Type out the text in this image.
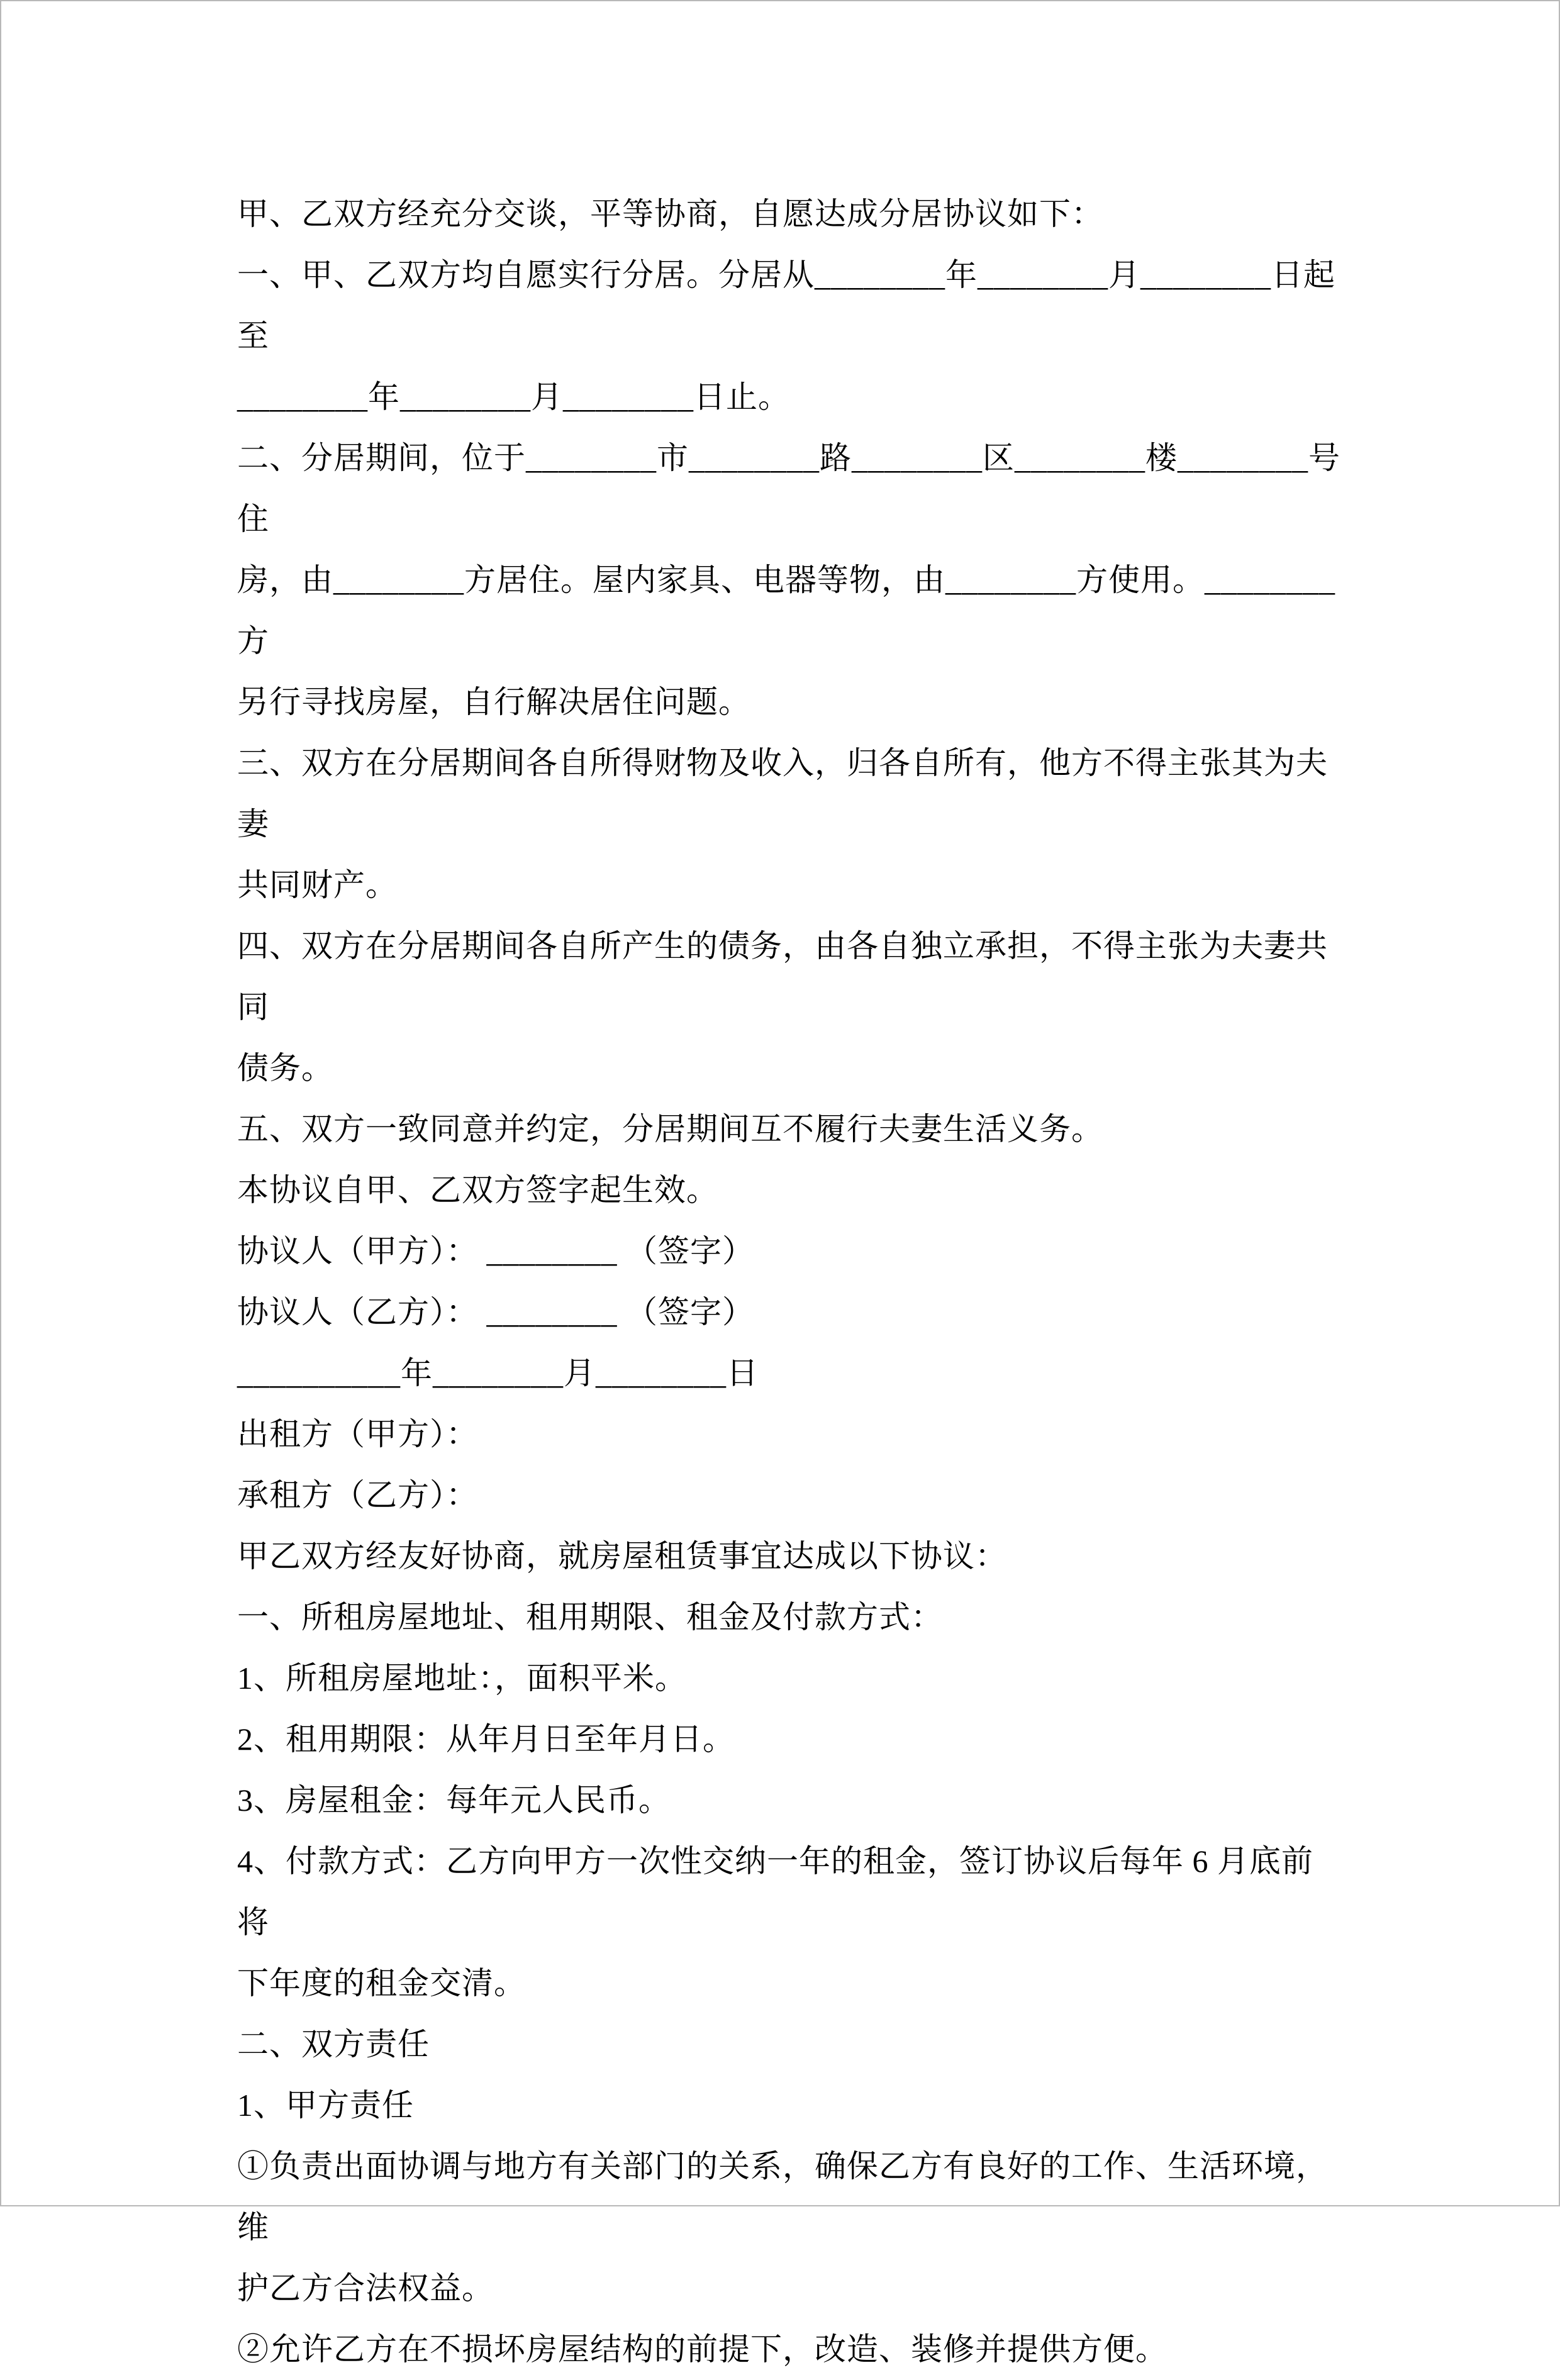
甲、乙双方经充分交谈，平等协商，自愿达成分居协议如下：

一、甲、乙双方均自愿实行分居。分居从________年________月________日起至

________年________月________日止。

二、分居期间，位于________市________路________区________楼________号住

房，由________方居住。屋内家具、电器等物，由________方使用。________方

另行寻找房屋，自行解决居住问题。

三、双方在分居期间各自所得财物及收入，归各自所有，他方不得主张其为夫妻

共同财产。

四、双方在分居期间各自所产生的债务，由各自独立承担，不得主张为夫妻共同

债务。

五、双方一致同意并约定，分居期间互不履行夫妻生活义务。

本协议自甲、乙双方签字起生效。

协议人（甲方）： ________ （签字）

协议人（乙方）： ________ （签字）

__________年________月________日

出租方（甲方）：

承租方（乙方）：

甲乙双方经友好协商，就房屋租赁事宜达成以下协议：

一、所租房屋地址、租用期限、租金及付款方式：

1、所租房屋地址：，面积平米。

2、租用期限：从年月日至年月日。

3、房屋租金：每年元人民币。

4、付款方式：乙方向甲方一次性交纳一年的租金，签订协议后每年 6 月底前将

下年度的租金交清。

二、双方责任

1、甲方责任

①负责出面协调与地方有关部门的关系，确保乙方有良好的工作、生活环境，维

护乙方合法权益。

②允许乙方在不损坏房屋结构的前提下，改造、装修并提供方便。
